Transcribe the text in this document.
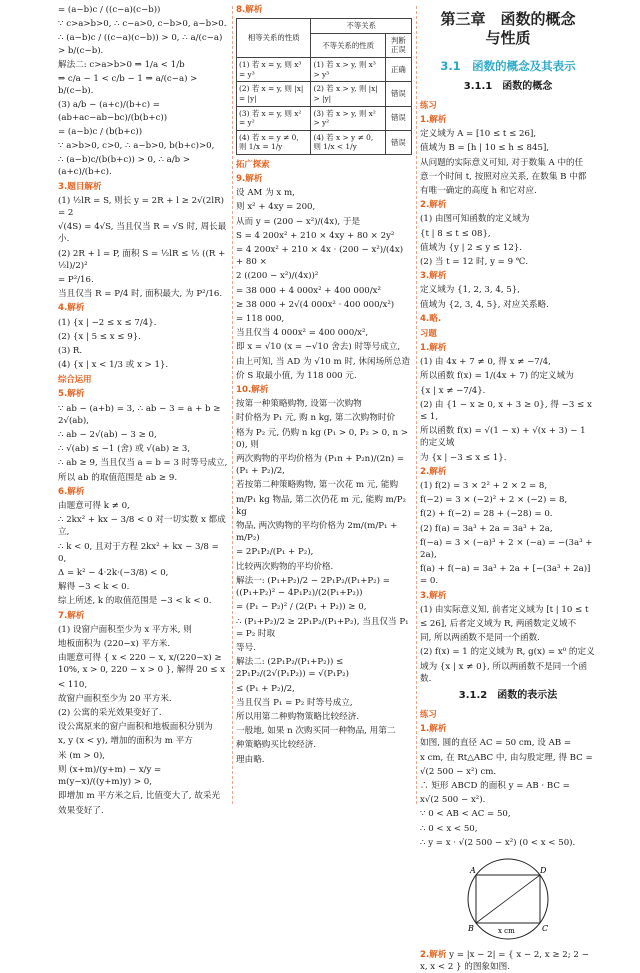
= (a−b)c / ((c−a)(c−b))
∵ c>a>b>0, ∴ c−a>0, c−b>0, a−b>0.
∴ (a−b)c / ((c−a)(c−b)) > 0, ∴ a/(c−a) > b/(c−b).
解法二: c>a>b>0 ⇒ 1/a < 1/b
⇒ c/a − 1 < c/b − 1 ⇒ a/(c−a) > b/(c−b).
(3) a/b − (a+c)/(b+c) = (ab+ac−ab−bc)/(b(b+c))
= (a−b)c / (b(b+c))
∵ a>b>0, c>0, ∴ a−b>0, b(b+c)>0,
∴ (a−b)c/(b(b+c)) > 0, ∴ a/b > (a+c)/(b+c).
3.题目解析
(1) ½lR = S, 则长 y = 2R + l ≥ 2√(2lR) = 2
√(4S) = 4√S, 当且仅当 R = √S 时, 周长最小.
(2) 2R + l = P, 面积 S = ½lR ≤ ½ ((R + ½l)/2)²
= P²/16.
当且仅当 R = P/4 时, 面积最大, 为 P²/16.
4.解析
(1) {x | −2 ≤ x ≤ 7/4}.
(2) {x | 5 ≤ x ≤ 9}.
(3) R.
(4) {x | x < 1/3 或 x > 1}.
综合运用
5.解析
∵ ab − (a+b) = 3, ∴ ab − 3 = a + b ≥ 2√(ab),
∴ ab − 2√(ab) − 3 ≥ 0,
∴ √(ab) ≤ −1 (舍) 或 √(ab) ≥ 3,
∴ ab ≥ 9, 当且仅当 a = b = 3 时等号成立,
所以 ab 的取值范围是 ab ≥ 9.
6.解析
由题意可得 k ≠ 0,
∴ 2kx² + kx − 3/8 < 0 对一切实数 x 都成立,
∴ k < 0, 且对于方程 2kx² + kx − 3/8 = 0,
Δ = k² − 4·2k·(−3/8) < 0,
解得 −3 < k < 0.
综上所述, k 的取值范围是 −3 < k < 0.
7.解析
(1) 设窗户面积至少为 x 平方米, 则
地板面积为 (220−x) 平方米.
由题意可得 { x < 220 − x, x/(220−x) ≥ 10%, x > 0, 220 − x > 0 }, 解得 20 ≤ x
< 110,
故窗户面积至少为 20 平方米.
(2) 公寓的采光效果变好了.
设公寓原来的窗户面积和地板面积分别为
x, y (x < y), 增加的面积为 m 平方
米 (m > 0),
则 (x+m)/(y+m) − x/y = m(y−x)/((y+m)y) > 0,
即增加 m 平方米之后, 比值变大了, 故采光
效果变好了.
8.解析
相等关系的性质	不等关系	
	不等关系的性质	判断正误
(1) 若 x = y, 则 x³ = y³	(1) 若 x > y, 则 x³ > y³	正确
(2) 若 x = y, 则 |x| = |y|	(2) 若 x > y, 则 |x| > |y|	错误
(3) 若 x = y, 则 x² = y²	(3) 若 x > y, 则 x² > y²	错误
(4) 若 x = y ≠ 0, 则 1/x = 1/y	(4) 若 x > y ≠ 0, 则 1/x < 1/y	错误
拓广探索
9.解析
设 AM 为 x m,
则 x² + 4xy = 200,
从而 y = (200 − x²)/(4x), 于是
S = 4 200x² + 210 × 4xy + 80 × 2y²
= 4 200x² + 210 × 4x · (200 − x²)/(4x) + 80 ×
2 ((200 − x²)/(4x))²
= 38 000 + 4 000x² + 400 000/x²
≥ 38 000 + 2√(4 000x² · 400 000/x²)
= 118 000,
当且仅当 4 000x² = 400 000/x²,
即 x = √10 (x = −√10 舍去) 时等号成立,
由上可知, 当 AD 为 √10 m 时, 休闲场所总造
价 S 取最小值, 为 118 000 元.
10.解析
按第一种策略购物, 设第一次购物
时价格为 P₁ 元, 购 n kg, 第二次购物时价
格为 P₂ 元, 仍购 n kg (P₁ > 0, P₂ > 0, n > 0), 则
两次购物的平均价格为 (P₁n + P₂n)/(2n) = (P₁ + P₂)/2,
若按第二种策略购物, 第一次花 m 元, 能购
m/P₁ kg 物品, 第二次仍花 m 元, 能购 m/P₂ kg
物品, 两次购物的平均价格为 2m/(m/P₁ + m/P₂)
= 2P₁P₂/(P₁ + P₂),
比较两次购物的平均价格.
解法一: (P₁+P₂)/2 − 2P₁P₂/(P₁+P₂) = ((P₁+P₂)² − 4P₁P₂)/(2(P₁+P₂))
= (P₁ − P₂)² / (2(P₁ + P₂)) ≥ 0,
∴ (P₁+P₂)/2 ≥ 2P₁P₂/(P₁+P₂), 当且仅当 P₁ = P₂ 时取
等号.
解法二: (2P₁P₂/(P₁+P₂)) ≤ 2P₁P₂/(2√(P₁P₂)) = √(P₁P₂)
≤ (P₁ + P₂)/2,
当且仅当 P₁ = P₂ 时等号成立,
所以用第二种购物策略比较经济.
一般地, 如果 n 次购买同一种物品, 用第二
种策略购买比较经济.
理由略.
第三章　函数的概念
与性质
3.1　函数的概念及其表示
3.1.1　函数的概念
练习
1.解析
定义域为 A = [10 ≤ t ≤ 26],
值域为 B = [h | 10 ≤ h ≤ 845],
从问题的实际意义可知, 对于数集 A 中的任
意一个时间 t, 按照对应关系, 在数集 B 中都
有唯一确定的高度 h 和它对应.
2.解析
(1) 由图可知函数的定义域为
{t | 8 ≤ t ≤ 08},
值域为 {y | 2 ≤ y ≤ 12}.
(2) 当 t = 12 时, y = 9 ℃.
3.解析
定义域为 {1, 2, 3, 4, 5},
值域为 {2, 3, 4, 5}, 对应关系略.
4.略.
习题
1.解析
(1) 由 4x + 7 ≠ 0, 得 x ≠ −7/4,
所以函数 f(x) = 1/(4x + 7) 的定义域为
{x | x ≠ −7/4}.
(2) 由 {1 − x ≥ 0, x + 3 ≥ 0}, 得 −3 ≤ x ≤ 1,
所以函数 f(x) = √(1 − x) + √(x + 3) − 1 的定义域
为 {x | −3 ≤ x ≤ 1}.
2.解析
(1) f(2) = 3 × 2² + 2 × 2 = 8,
f(−2) = 3 × (−2)² + 2 × (−2) = 8,
f(2) + f(−2) = 28 + (−28) = 0.
(2) f(a) = 3a³ + 2a = 3a³ + 2a,
f(−a) = 3 × (−a)³ + 2 × (−a) = −(3a³ + 2a),
f(a) + f(−a) = 3a³ + 2a + [−(3a³ + 2a)] = 0.
3.解析
(1) 由实际意义知, 前者定义域为 [t | 10 ≤ t
≤ 26], 后者定义域为 R, 两函数定义域不
同, 所以两函数不是同一个函数.
(2) f(x) = 1 的定义域为 R, g(x) = x⁰ 的定义
域为 {x | x ≠ 0}, 所以两函数不是同一个函数.
3.1.2　函数的表示法
练习
1.解析
如图, 圆的直径 AC = 50 cm, 设 AB =
x cm, 在 Rt△ABC 中, 由勾股定理, 得 BC =
√(2 500 − x²) cm.
∴ 矩形 ABCD 的面积 y = AB · BC =
x√(2 500 − x²).
∵ 0 < AB < AC = 50,
∴ 0 < x < 50,
∴ y = x · √(2 500 − x²) (0 < x < 50).
A	D
B	C
x cm
2.解析 y = |x − 2| = { x − 2, x ≥ 2; 2 − x, x < 2 } 的图象如图.
